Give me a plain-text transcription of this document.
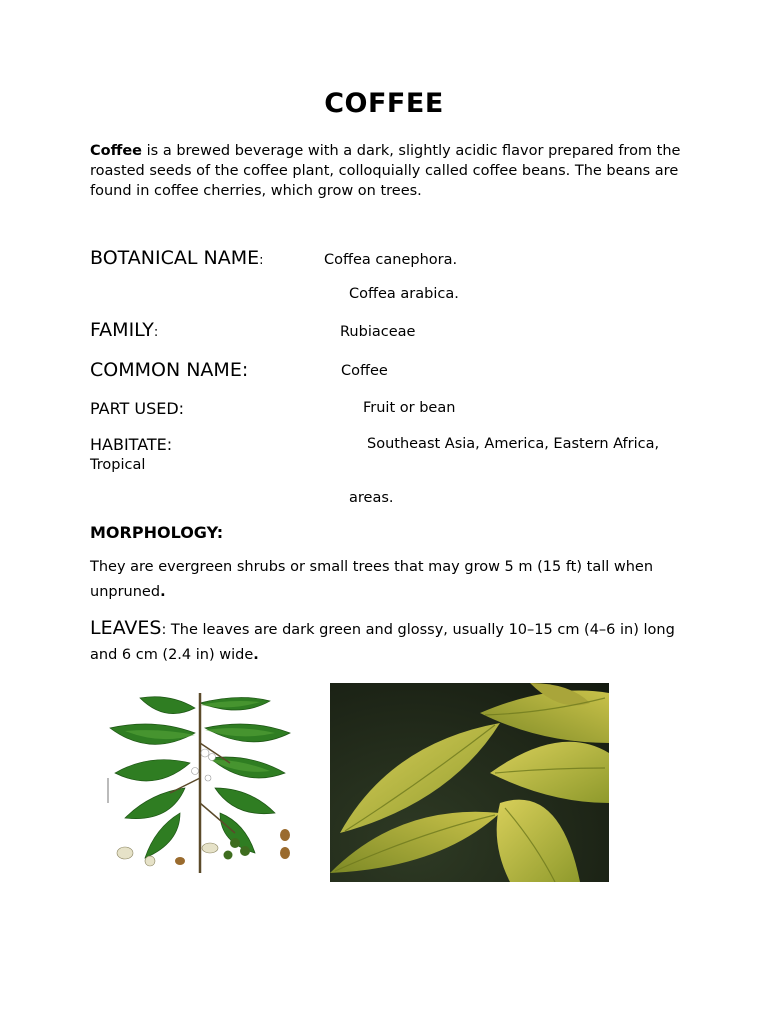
COFFEE
Coffee is a brewed beverage with a dark, slightly acidic flavor prepared from the roasted seeds of the coffee plant, colloquially called coffee beans. The beans are found in coffee cherries, which grow on trees.
BOTANICAL NAME:	Coffea canephora.
Coffea arabica.
FAMILY:	Rubiaceae
COMMON NAME:	Coffee
PART USED:	Fruit or bean
HABITATE:	Southeast Asia, America, Eastern Africa,
Tropical
areas.
MORPHOLOGY:
They are evergreen shrubs or small trees that may grow 5 m (15 ft) tall when unpruned.
LEAVES: The leaves are dark green and glossy, usually 10–15 cm (4–6 in) long and 6 cm (2.4 in) wide.
